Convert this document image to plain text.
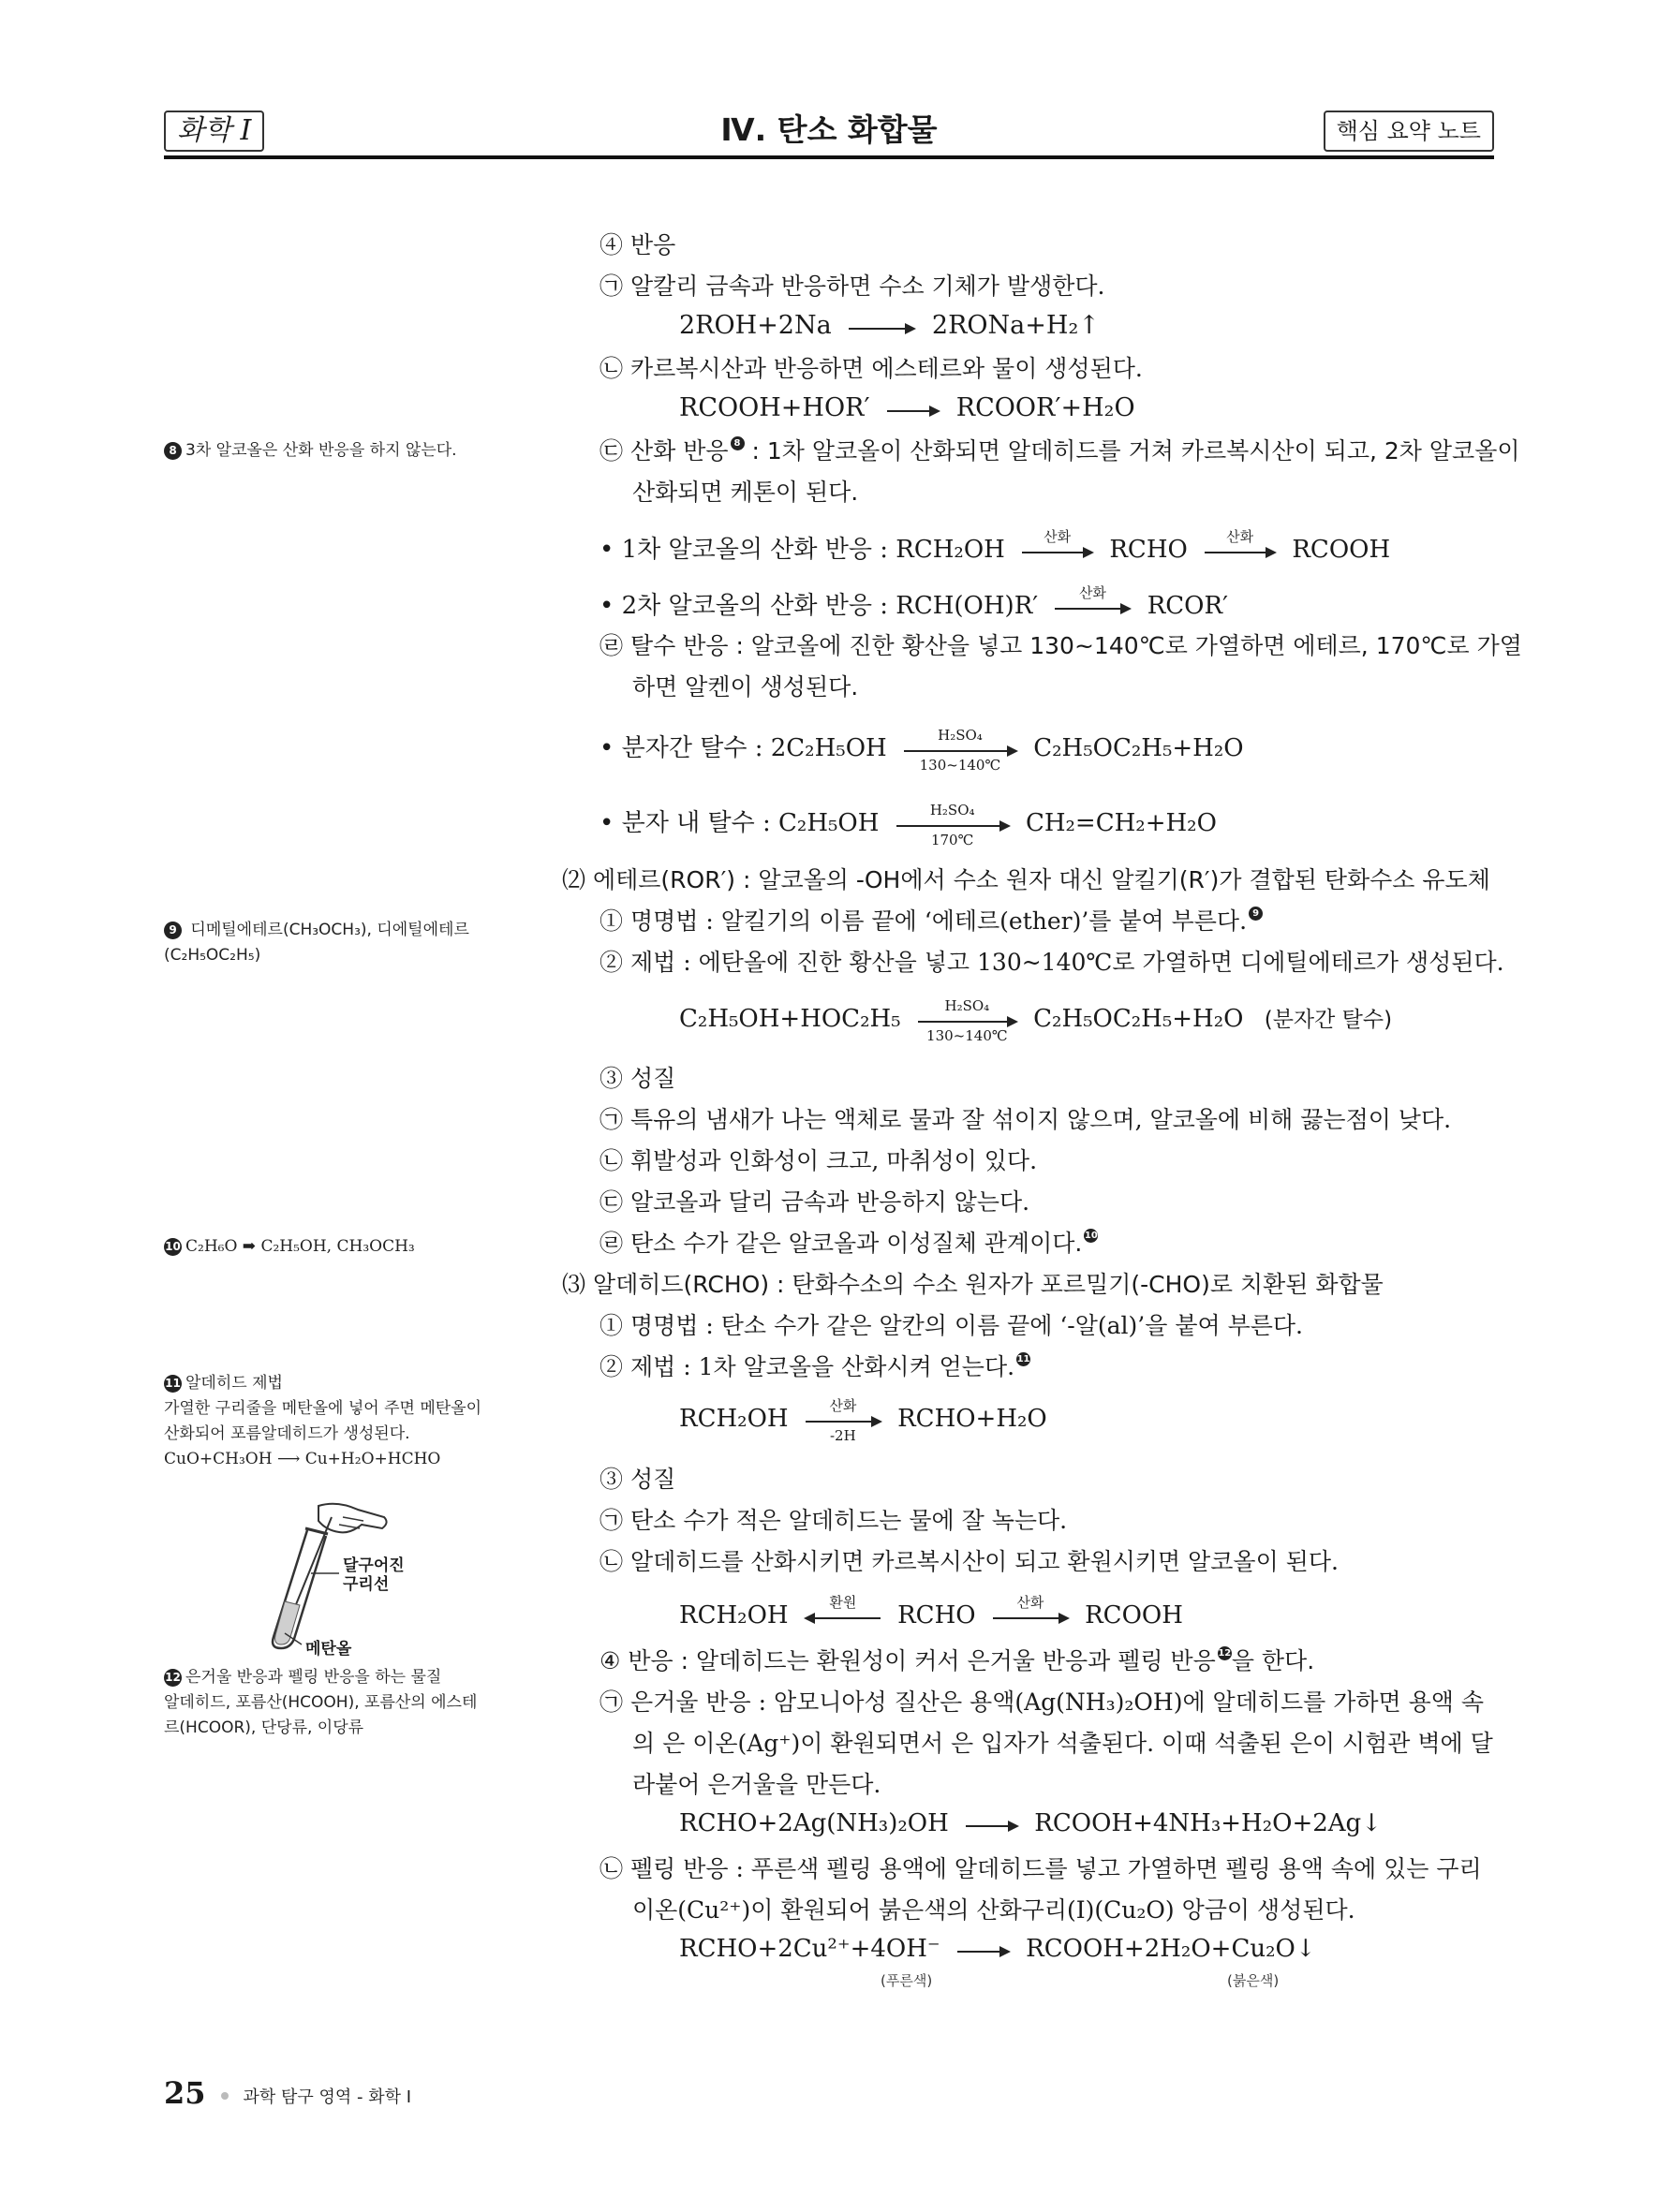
Ⅳ. 탄소 화합물
화학 Ⅰ	핵심 요약 노트
8 3차 알코올은 산화 반응을 하지 않는다.
9 디메틸에테르(CH₃OCH₃), 디에틸에테르
(C₂H₅OC₂H₅)
10 C₂H₆O ➡ C₂H₅OH, CH₃OCH₃
11 알데히드 제법
가열한 구리줄을 메탄올에 넣어 주면 메탄올이
산화되어 포름알데히드가 생성된다.
CuO+CH₃OH ⟶ Cu+H₂O+HCHO
달구어진
구리선
메탄올
12 은거울 반응과 펠링 반응을 하는 물질
알데히드, 포름산(HCOOH), 포름산의 에스테
르(HCOOR), 단당류, 이당류
④ 반응
㉠ 알칼리 금속과 반응하면 수소 기체가 발생한다.
2ROH+2Na → 2RONa+H₂↑
㉡ 카르복시산과 반응하면 에스테르와 물이 생성된다.
RCOOH+HOR′ → RCOOR′+H₂O
㉢ 산화 반응 8 : 1차 알코올이 산화되면 알데히드를 거쳐 카르복시산이 되고, 2차 알코올이
산화되면 케톤이 된다.
• 1차 알코올의 산화 반응 : RCH₂OH	산화	RCHO	산화	RCOOH
• 2차 알코올의 산화 반응 : RCH(OH)R′	산화	RCOR′
㉣ 탈수 반응 : 알코올에 진한 황산을 넣고 130~140℃로 가열하면 에테르, 170℃로 가열
하면 알켄이 생성된다.
• 분자간 탈수 : $2C_2H_5OH \frac{\text{H₂SO₄}}{130\sim 140℃} C_2H_5OC_2H_5+H_2O$
• 분자 내 탈수 : $C_2H_5OH \frac{\text{H₂SO₄}}{170℃} CH_2=CH_2+H_2O$
⑵ 에테르(ROR′) : 알코올의 -OH에서 수소 원자 대신 알킬기(R′)가 결합된 탄화수소 유도체
① 명명법 : 알킬기의 이름 끝에 ‘에테르(ether)’를 붙여 부른다. 9
② 제법 : 에탄올에 진한 황산을 넣고 130~140℃로 가열하면 디에틸에테르가 생성된다.
$C_2H_5OH+HOC_2H_5 \frac{\text{H₂SO₄}}{130\sim 140℃} C_2H_5OC_2H_5+H_2O$ (분자간 탈수)
③ 성질
㉠ 특유의 냄새가 나는 액체로 물과 잘 섞이지 않으며, 알코올에 비해 끓는점이 낮다.
㉡ 휘발성과 인화성이 크고, 마취성이 있다.
㉢ 알코올과 달리 금속과 반응하지 않는다.
㉣ 탄소 수가 같은 알코올과 이성질체 관계이다. 10
⑶ 알데히드(RCHO) : 탄화수소의 수소 원자가 포르밀기(-CHO)로 치환된 화합물
① 명명법 : 탄소 수가 같은 알칸의 이름 끝에 ‘-알(al)’을 붙여 부른다.
② 제법 : 1차 알코올을 산화시켜 얻는다. 11
RCH₂OH	산화
-2H
RCHO+H₂O
③ 성질
㉠ 탄소 수가 적은 알데히드는 물에 잘 녹는다.
㉡ 알데히드를 산화시키면 카르복시산이 되고 환원시키면 알코올이 된다.
RCH₂OH	환원	RCHO	산화	RCOOH
④ 반응 : 알데히드는 환원성이 커서 은거울 반응과 펠링 반응 12을 한다.
㉠ 은거울 반응 : 암모니아성 질산은 용액(Ag(NH₃)₂OH)에 알데히드를 가하면 용액 속
의 은 이온(Ag⁺)이 환원되면서 은 입자가 석출된다. 이때 석출된 은이 시험관 벽에 달
라붙어 은거울을 만든다.
RCHO+2Ag(NH₃)₂OH → RCOOH+4NH₃+H₂O+2Ag↓
㉡ 펠링 반응 : 푸른색 펠링 용액에 알데히드를 넣고 가열하면 펠링 용액 속에 있는 구리
이온(Cu²⁺)이 환원되어 붉은색의 산화구리(Ⅰ)(Cu₂O) 앙금이 생성된다.
RCHO+2Cu²⁺+4OH⁻ → RCOOH+2H₂O+Cu₂O↓
(푸른색)	(붉은색)
25 과학 탐구 영역 - 화학 Ⅰ
